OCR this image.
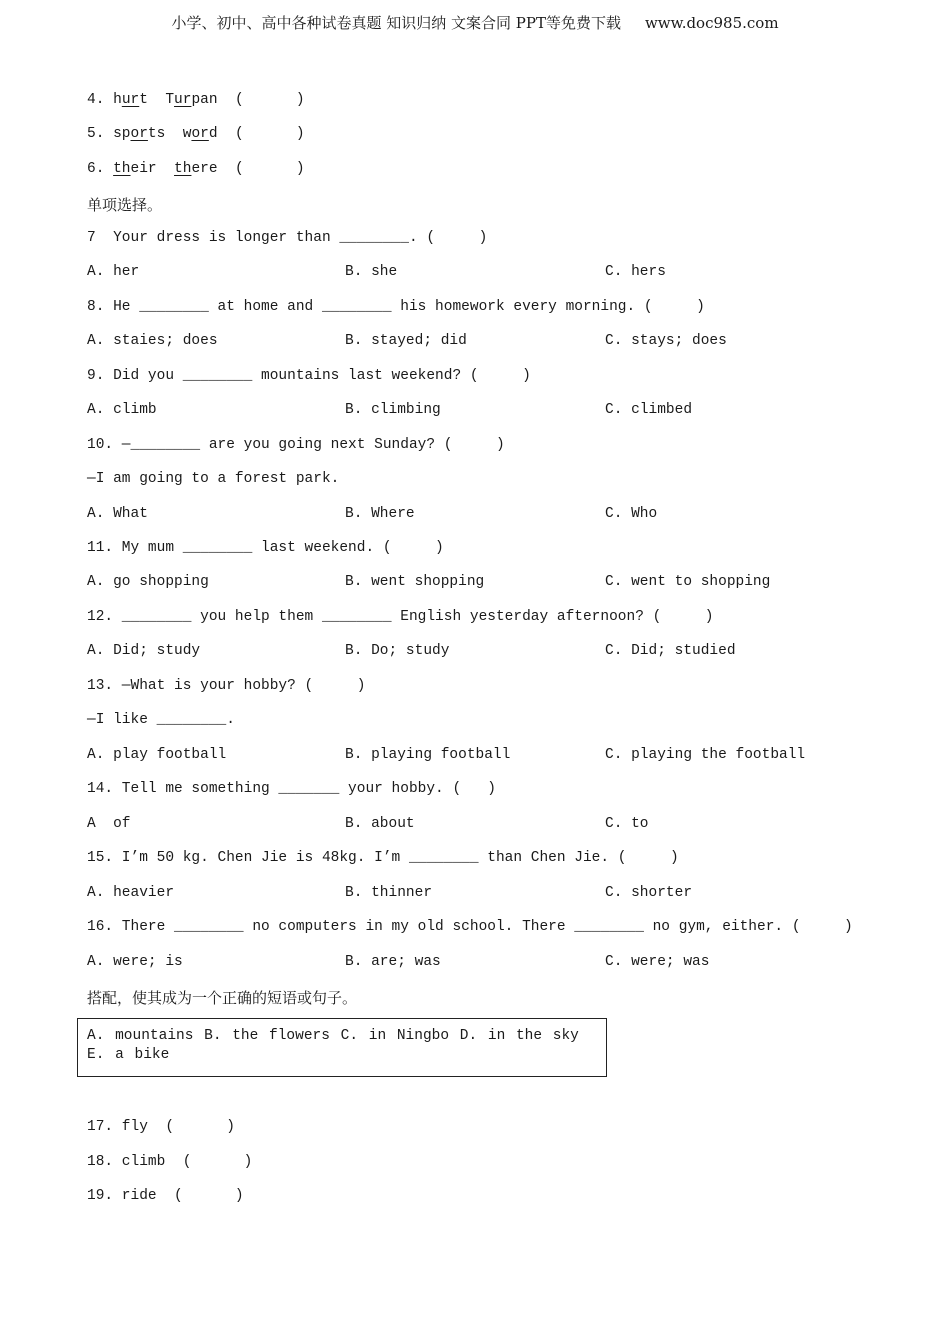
小学、初中、高中各种试卷真题 知识归纳 文案合同 PPT等免费下载 www.doc985.com
4. hurt Turpan (      )
5. sports word (      )
6. their there (      )
单项选择。
7  Your dress is longer than ________. (     )
A. her	B. she	C. hers
8. He ________ at home and ________ his homework every morning. (     )
A. staies; does	B. stayed; did	C. stays; does
9. Did you ________ mountains last weekend? (     )
A. climb	B. climbing	C. climbed
10. —________ are you going next Sunday? (     )
—I am going to a forest park.
A. What	B. Where	C. Who
11. My mum ________ last weekend. (     )
A. go shopping	B. went shopping	C. went to shopping
12. ________ you help them ________ English yesterday afternoon? (     )
A. Did; study	B. Do; study	C. Did; studied
13. —What is your hobby? (     )
—I like ________.
A. play football	B. playing football	C. playing the football
14. Tell me something _______ your hobby. (   )
A  of	B. about	C. to
15. I’m 50 kg. Chen Jie is 48kg. I’m ________ than Chen Jie. (     )
A. heavier	B. thinner	C. shorter
16. There ________ no computers in my old school. There ________ no gym, either. (     )
A. were; is	B. are; was	C. were; was
搭配，使其成为一个正确的短语或句子。
A. mountains B. the flowers C. in Ningbo D. in the sky E. a bike
17. fly  (      )
18. climb  (      )
19. ride  (      )
